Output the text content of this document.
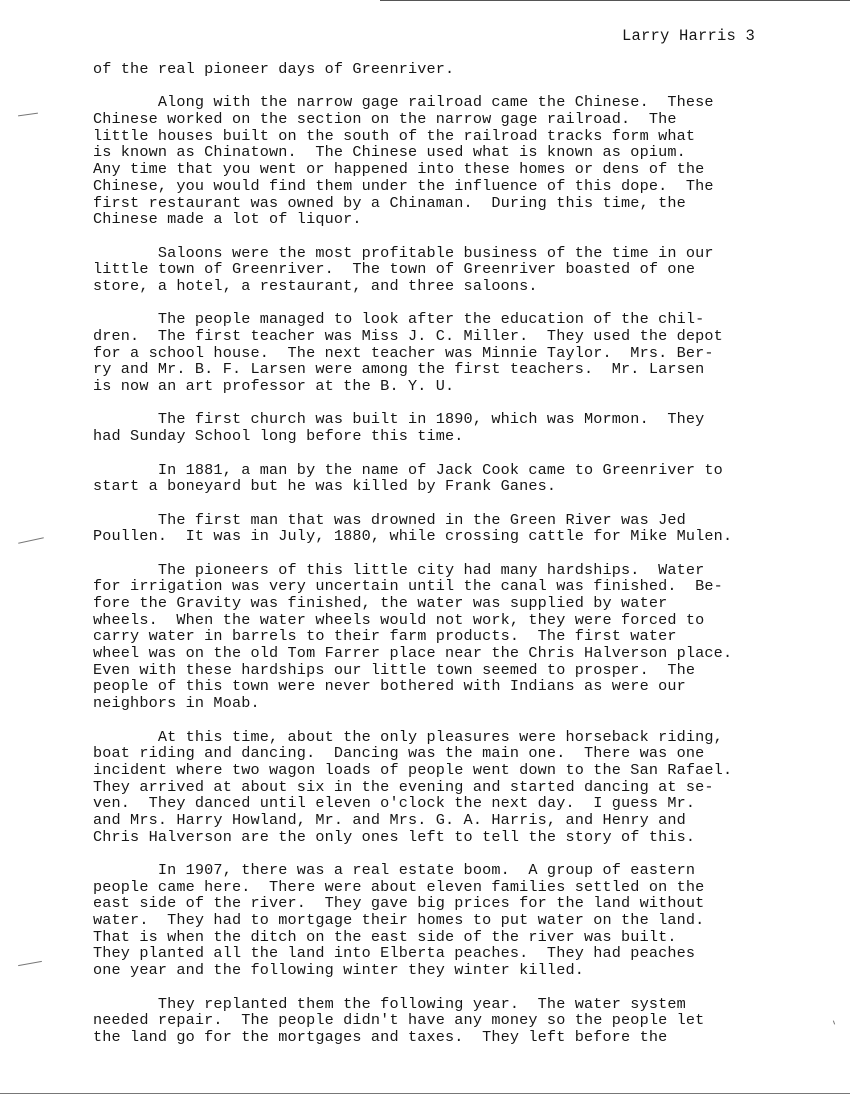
Larry Harris 3
of the real pioneer days of Greenriver.
Along with the narrow gage railroad came the Chinese.  These
Chinese worked on the section on the narrow gage railroad.  The
little houses built on the south of the railroad tracks form what
is known as Chinatown.  The Chinese used what is known as opium.
Any time that you went or happened into these homes or dens of the
Chinese, you would find them under the influence of this dope.  The
first restaurant was owned by a Chinaman.  During this time, the
Chinese made a lot of liquor.
Saloons were the most profitable business of the time in our
little town of Greenriver.  The town of Greenriver boasted of one
store, a hotel, a restaurant, and three saloons.
The people managed to look after the education of the chil-
dren.  The first teacher was Miss J. C. Miller.  They used the depot
for a school house.  The next teacher was Minnie Taylor.  Mrs. Ber-
ry and Mr. B. F. Larsen were among the first teachers.  Mr. Larsen
is now an art professor at the B. Y. U.
The first church was built in 1890, which was Mormon.  They
had Sunday School long before this time.
In 1881, a man by the name of Jack Cook came to Greenriver to
start a boneyard but he was killed by Frank Ganes.
The first man that was drowned in the Green River was Jed
Poullen.  It was in July, 1880, while crossing cattle for Mike Mulen.
The pioneers of this little city had many hardships.  Water
for irrigation was very uncertain until the canal was finished.  Be-
fore the Gravity was finished, the water was supplied by water
wheels.  When the water wheels would not work, they were forced to
carry water in barrels to their farm products.  The first water
wheel was on the old Tom Farrer place near the Chris Halverson place.
Even with these hardships our little town seemed to prosper.  The
people of this town were never bothered with Indians as were our
neighbors in Moab.
At this time, about the only pleasures were horseback riding,
boat riding and dancing.  Dancing was the main one.  There was one
incident where two wagon loads of people went down to the San Rafael.
They arrived at about six in the evening and started dancing at se-
ven.  They danced until eleven o'clock the next day.  I guess Mr.
and Mrs. Harry Howland, Mr. and Mrs. G. A. Harris, and Henry and
Chris Halverson are the only ones left to tell the story of this.
In 1907, there was a real estate boom.  A group of eastern
people came here.  There were about eleven families settled on the
east side of the river.  They gave big prices for the land without
water.  They had to mortgage their homes to put water on the land.
That is when the ditch on the east side of the river was built.
They planted all the land into Elberta peaches.  They had peaches
one year and the following winter they winter killed.
They replanted them the following year.  The water system
needed repair.  The people didn't have any money so the people let
the land go for the mortgages and taxes.  They left before the
